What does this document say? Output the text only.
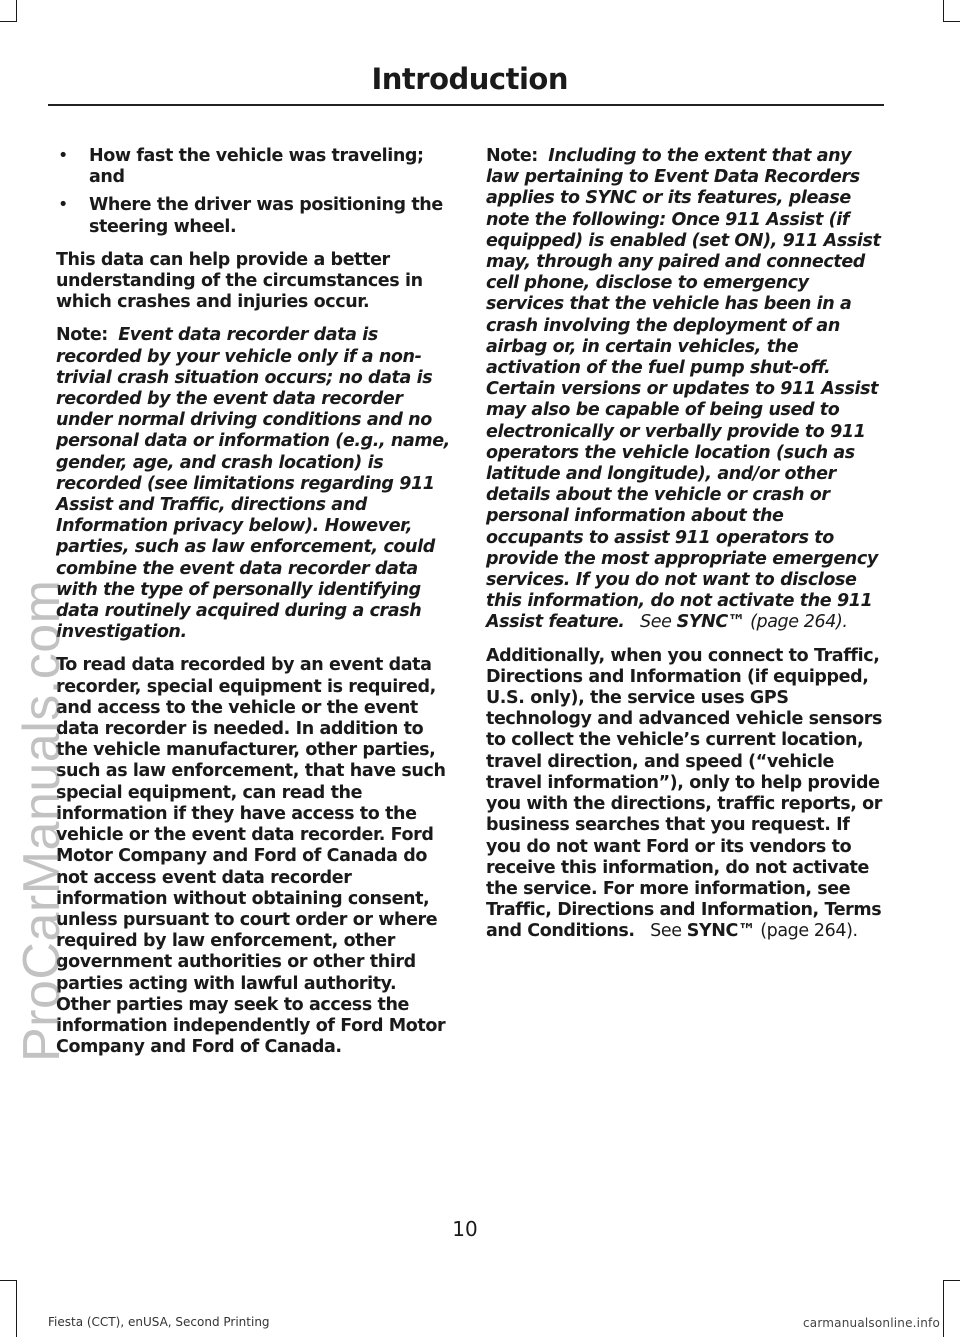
Introduction
• How fast the vehicle was traveling; and
• Where the driver was positioning the steering wheel.

This data can help provide a better understanding of the circumstances in which crashes and injuries occur.

Note: Event data recorder data is recorded by your vehicle only if a non-trivial crash situation occurs; no data is recorded by the event data recorder under normal driving conditions and no personal data or information (e.g., name, gender, age, and crash location) is recorded (see limitations regarding 911 Assist and Traffic, directions and Information privacy below). However, parties, such as law enforcement, could combine the event data recorder data with the type of personally identifying data routinely acquired during a crash investigation.

To read data recorded by an event data recorder, special equipment is required, and access to the vehicle or the event data recorder is needed. In addition to the vehicle manufacturer, other parties, such as law enforcement, that have such special equipment, can read the information if they have access to the vehicle or the event data recorder. Ford Motor Company and Ford of Canada do not access event data recorder information without obtaining consent, unless pursuant to court order or where required by law enforcement, other government authorities or other third parties acting with lawful authority. Other parties may seek to access the information independently of Ford Motor Company and Ford of Canada.

Note: Including to the extent that any law pertaining to Event Data Recorders applies to SYNC or its features, please note the following: Once 911 Assist (if equipped) is enabled (set ON), 911 Assist may, through any paired and connected cell phone, disclose to emergency services that the vehicle has been in a crash involving the deployment of an airbag or, in certain vehicles, the activation of the fuel pump shut-off. Certain versions or updates to 911 Assist may also be capable of being used to electronically or verbally provide to 911 operators the vehicle location (such as latitude and longitude), and/or other details about the vehicle or crash or personal information about the occupants to assist 911 operators to provide the most appropriate emergency services. If you do not want to disclose this information, do not activate the 911 Assist feature. See SYNC™ (page 264).

Additionally, when you connect to Traffic, Directions and Information (if equipped, U.S. only), the service uses GPS technology and advanced vehicle sensors to collect the vehicle’s current location, travel direction, and speed (“vehicle travel information”), only to help provide you with the directions, traffic reports, or business searches that you request. If you do not want Ford or its vendors to receive this information, do not activate the service. For more information, see Traffic, Directions and Information, Terms and Conditions. See SYNC™ (page 264).

ProCarManuals.com
10
Fiesta (CCT), enUSA, Second Printing	carmanualsonline.info
